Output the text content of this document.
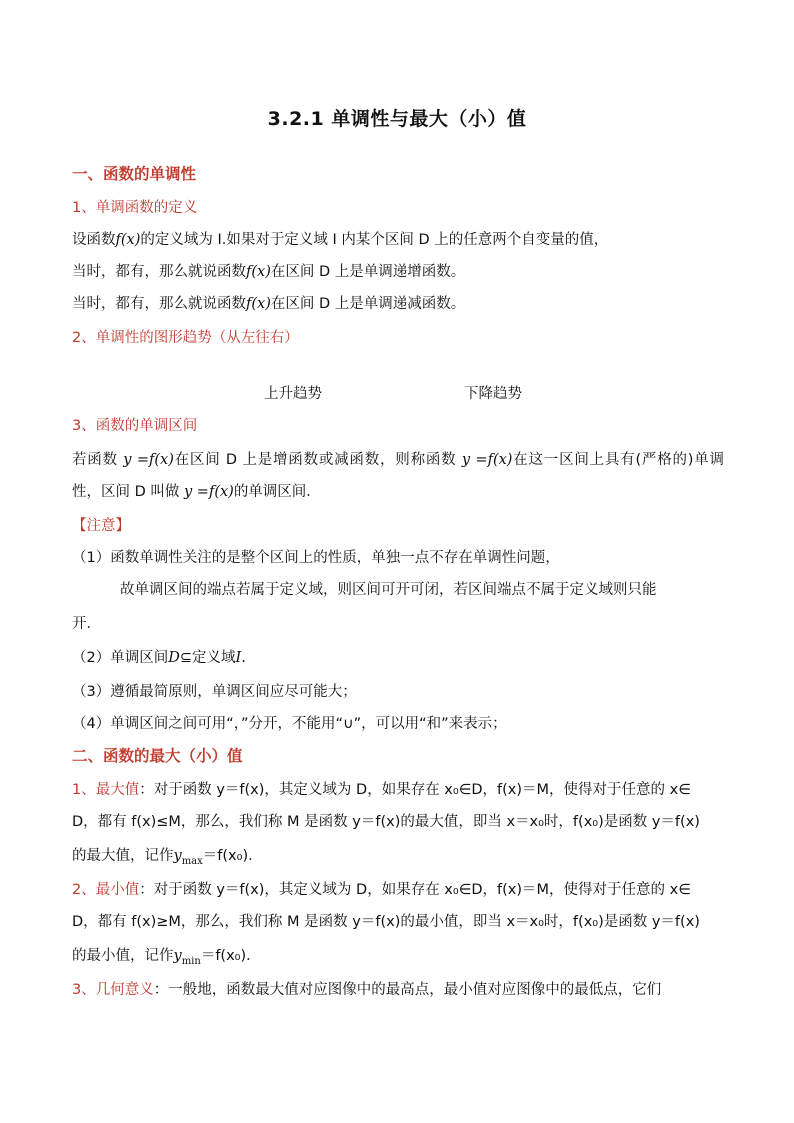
3.2.1 单调性与最大（小）值
一、函数的单调性
1、单调函数的定义
设函数f(x)的定义域为 I.如果对于定义域 I 内某个区间 D 上的任意两个自变量的值，
当时，都有，那么就说函数f(x)在区间 D 上是单调递增函数。
当时，都有，那么就说函数f(x)在区间 D 上是单调递减函数。
2、单调性的图形趋势（从左往右）
上升趋势	下降趋势
3、函数的单调区间
若函数 y =f(x)在区间 D 上是增函数或减函数，则称函数 y =f(x)在这一区间上具有(严格的)单调
性，区间 D 叫做 y =f(x)的单调区间．
【注意】
（1）函数单调性关注的是整个区间上的性质，单独一点不存在单调性问题，
故单调区间的端点若属于定义域，则区间可开可闭，若区间端点不属于定义域则只能
开．
（2）单调区间D⊆定义域I.
（3）遵循最简原则，单调区间应尽可能大；
（4）单调区间之间可用“，”分开，不能用“∪”，可以用“和”来表示；
二、函数的最大（小）值
1、最大值：对于函数 y＝f(x)，其定义域为 D，如果存在 x₀∈D，f(x)＝M，使得对于任意的 x∈
D，都有 f(x)≤M，那么，我们称 M 是函数 y＝f(x)的最大值，即当 x＝x₀时，f(x₀)是函数 y＝f(x)
的最大值，记作$y_{max}=f(x_0)$．
2、最小值：对于函数 y＝f(x)，其定义域为 D，如果存在 x₀∈D，f(x)＝M，使得对于任意的 x∈
D，都有 f(x)≥M，那么，我们称 M 是函数 y＝f(x)的最小值，即当 x＝x₀时，f(x₀)是函数 y＝f(x)
的最小值，记作$y_{min}=f(x_0)$．
3、几何意义：一般地，函数最大值对应图像中的最高点，最小值对应图像中的最低点，它们
